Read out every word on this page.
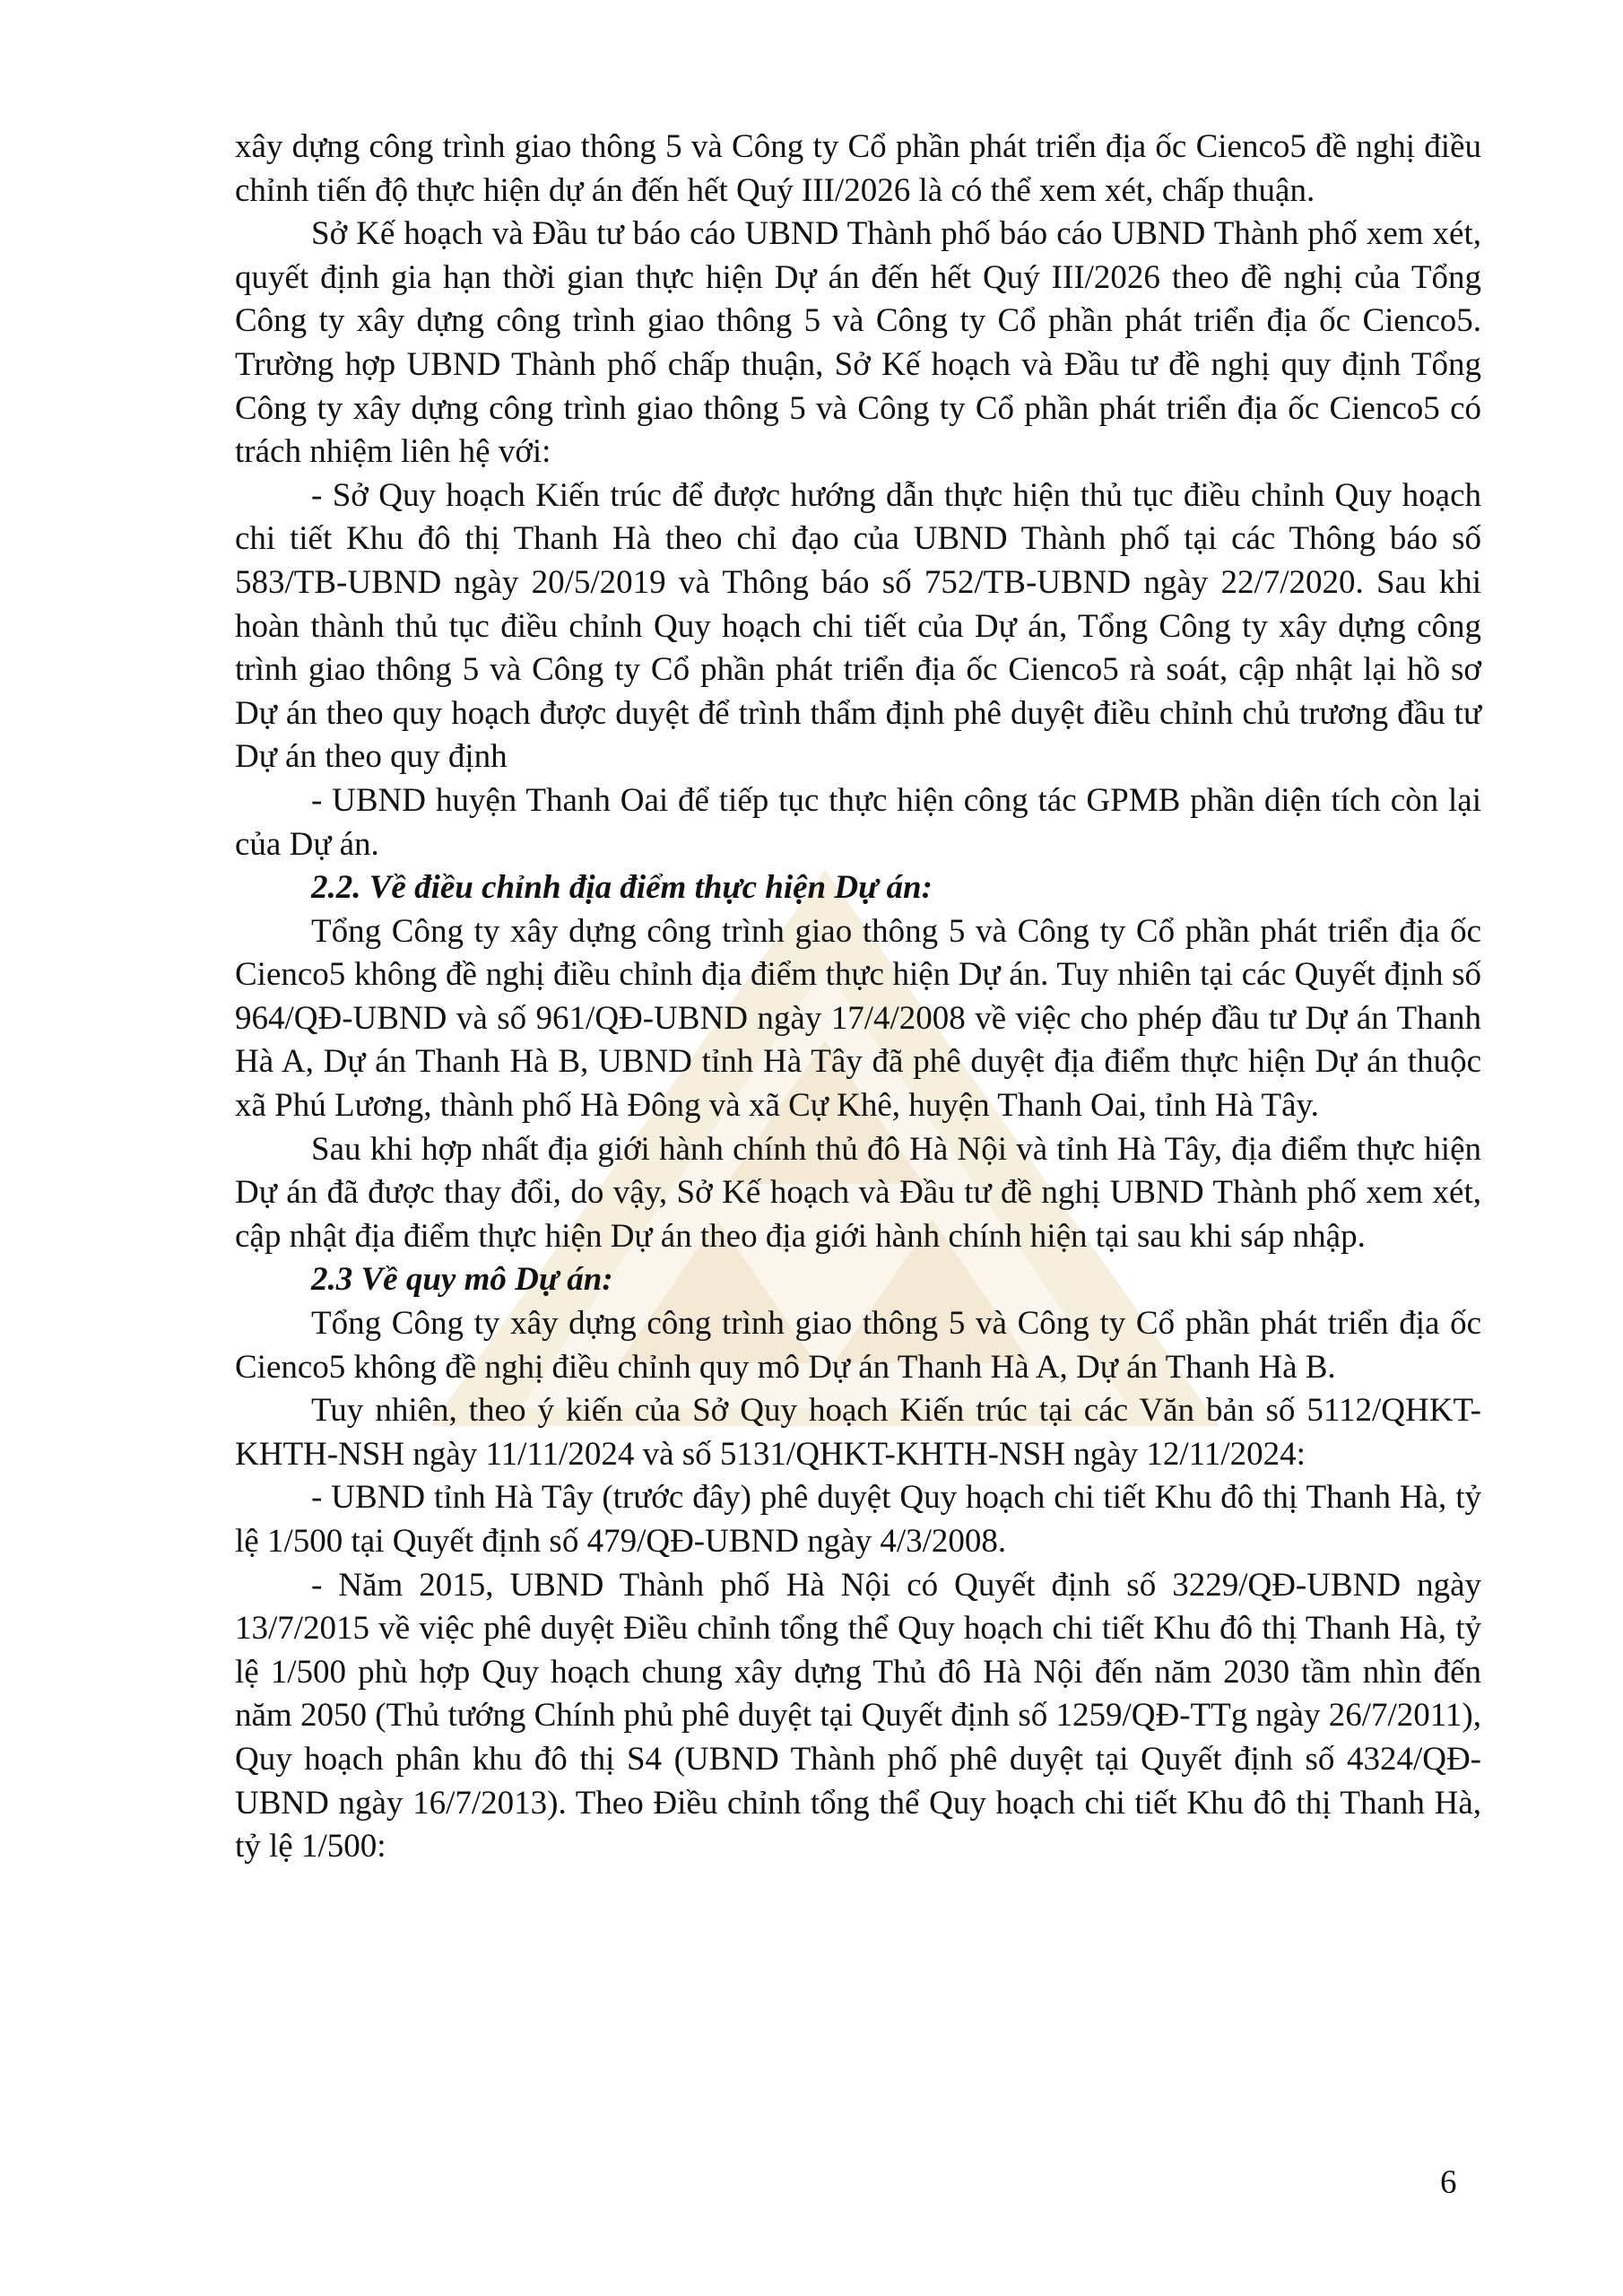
xây dựng công trình giao thông 5 và Công ty Cổ phần phát triển địa ốc Cienco5 đề nghị điều chỉnh tiến độ thực hiện dự án đến hết Quý III/2026 là có thể xem xét, chấp thuận.

Sở Kế hoạch và Đầu tư báo cáo UBND Thành phố báo cáo UBND Thành phố xem xét, quyết định gia hạn thời gian thực hiện Dự án đến hết Quý III/2026 theo đề nghị của Tổng Công ty xây dựng công trình giao thông 5 và Công ty Cổ phần phát triển địa ốc Cienco5. Trường hợp UBND Thành phố chấp thuận, Sở Kế hoạch và Đầu tư đề nghị quy định Tổng Công ty xây dựng công trình giao thông 5 và Công ty Cổ phần phát triển địa ốc Cienco5 có trách nhiệm liên hệ với:

- Sở Quy hoạch Kiến trúc để được hướng dẫn thực hiện thủ tục điều chỉnh Quy hoạch chi tiết Khu đô thị Thanh Hà theo chỉ đạo của UBND Thành phố tại các Thông báo số 583/TB-UBND ngày 20/5/2019 và Thông báo số 752/TB-UBND ngày 22/7/2020. Sau khi hoàn thành thủ tục điều chỉnh Quy hoạch chi tiết của Dự án, Tổng Công ty xây dựng công trình giao thông 5 và Công ty Cổ phần phát triển địa ốc Cienco5 rà soát, cập nhật lại hồ sơ Dự án theo quy hoạch được duyệt để trình thẩm định phê duyệt điều chỉnh chủ trương đầu tư Dự án theo quy định

- UBND huyện Thanh Oai để tiếp tục thực hiện công tác GPMB phần diện tích còn lại của Dự án.

2.2. Về điều chỉnh địa điểm thực hiện Dự án:

Tổng Công ty xây dựng công trình giao thông 5 và Công ty Cổ phần phát triển địa ốc Cienco5 không đề nghị điều chỉnh địa điểm thực hiện Dự án. Tuy nhiên tại các Quyết định số 964/QĐ-UBND và số 961/QĐ-UBND ngày 17/4/2008 về việc cho phép đầu tư Dự án Thanh Hà A, Dự án Thanh Hà B, UBND tỉnh Hà Tây đã phê duyệt địa điểm thực hiện Dự án thuộc xã Phú Lương, thành phố Hà Đông và xã Cự Khê, huyện Thanh Oai, tỉnh Hà Tây.

Sau khi hợp nhất địa giới hành chính thủ đô Hà Nội và tỉnh Hà Tây, địa điểm thực hiện Dự án đã được thay đổi, do vậy, Sở Kế hoạch và Đầu tư đề nghị UBND Thành phố xem xét, cập nhật địa điểm thực hiện Dự án theo địa giới hành chính hiện tại sau khi sáp nhập.

2.3 Về quy mô Dự án:

Tổng Công ty xây dựng công trình giao thông 5 và Công ty Cổ phần phát triển địa ốc Cienco5 không đề nghị điều chỉnh quy mô Dự án Thanh Hà A, Dự án Thanh Hà B.

Tuy nhiên, theo ý kiến của Sở Quy hoạch Kiến trúc tại các Văn bản số 5112/QHKT-KHTH-NSH ngày 11/11/2024 và số 5131/QHKT-KHTH-NSH ngày 12/11/2024:

- UBND tỉnh Hà Tây (trước đây) phê duyệt Quy hoạch chi tiết Khu đô thị Thanh Hà, tỷ lệ 1/500 tại Quyết định số 479/QĐ-UBND ngày 4/3/2008.

- Năm 2015, UBND Thành phố Hà Nội có Quyết định số 3229/QĐ-UBND ngày 13/7/2015 về việc phê duyệt Điều chỉnh tổng thể Quy hoạch chi tiết Khu đô thị Thanh Hà, tỷ lệ 1/500 phù hợp Quy hoạch chung xây dựng Thủ đô Hà Nội đến năm 2030 tầm nhìn đến năm 2050 (Thủ tướng Chính phủ phê duyệt tại Quyết định số 1259/QĐ-TTg ngày 26/7/2011), Quy hoạch phân khu đô thị S4 (UBND Thành phố phê duyệt tại Quyết định số 4324/QĐ-UBND ngày 16/7/2013). Theo Điều chỉnh tổng thể Quy hoạch chi tiết Khu đô thị Thanh Hà, tỷ lệ 1/500:

6
